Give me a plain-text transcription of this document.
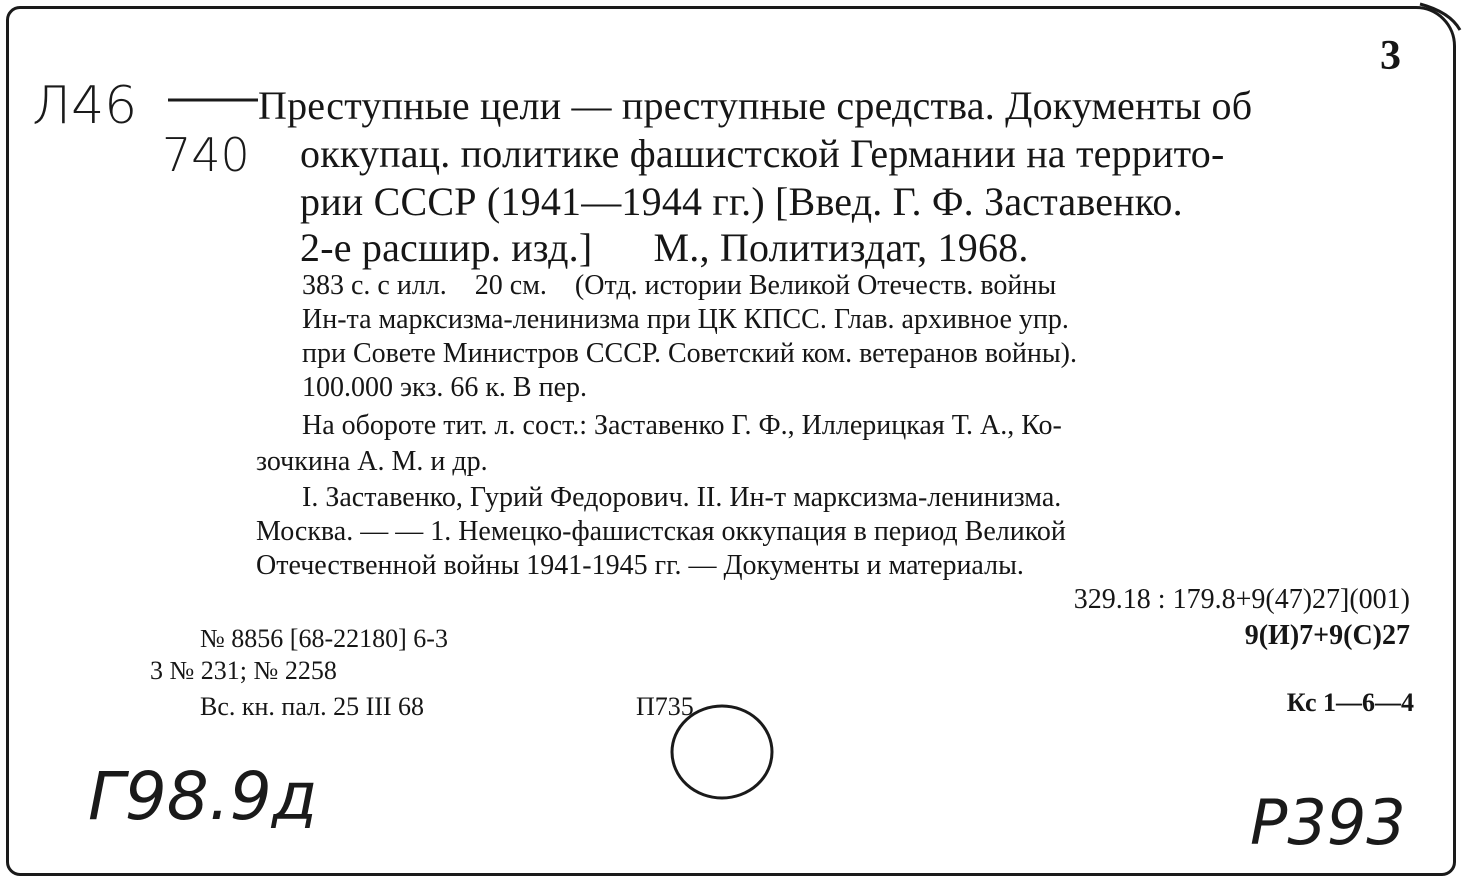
3
Л46
740
Преступные цели — преступные средства. Документы об
оккупац. политике фашистской Германии на террито-
рии СССР (1941—1944 гг.) [Введ. Г. Ф. Заставенко.
2-е расшир. изд.]      М., Политиздат, 1968.
383 с. с илл.    20 см.    (Отд. истории Великой Отечеств. войны
Ин-та марксизма-ленинизма при ЦК КПСС. Глав. архивное упр.
при Совете Министров СССР. Советский ком. ветеранов войны).
100.000 экз. 66 к. В пер.
На обороте тит. л. сост.: Заставенко Г. Ф., Иллерицкая Т. А., Ко-
зочкина А. М. и др.
I. Заставенко, Гурий Федорович. II. Ин-т марксизма-ленинизма.
Москва. — — 1. Немецко-фашистская оккупация в период Великой
Отечественной войны 1941-1945 гг. — Документы и материалы.
329.18 : 179.8+9(47)27](001)
9(И)7+9(С)27
№ 8856 [68-22180] 6-3
3 № 231; № 2258
Вс. кн. пал. 25 III 68	П735	Кс 1—6—4
Г98.9д	Р393
